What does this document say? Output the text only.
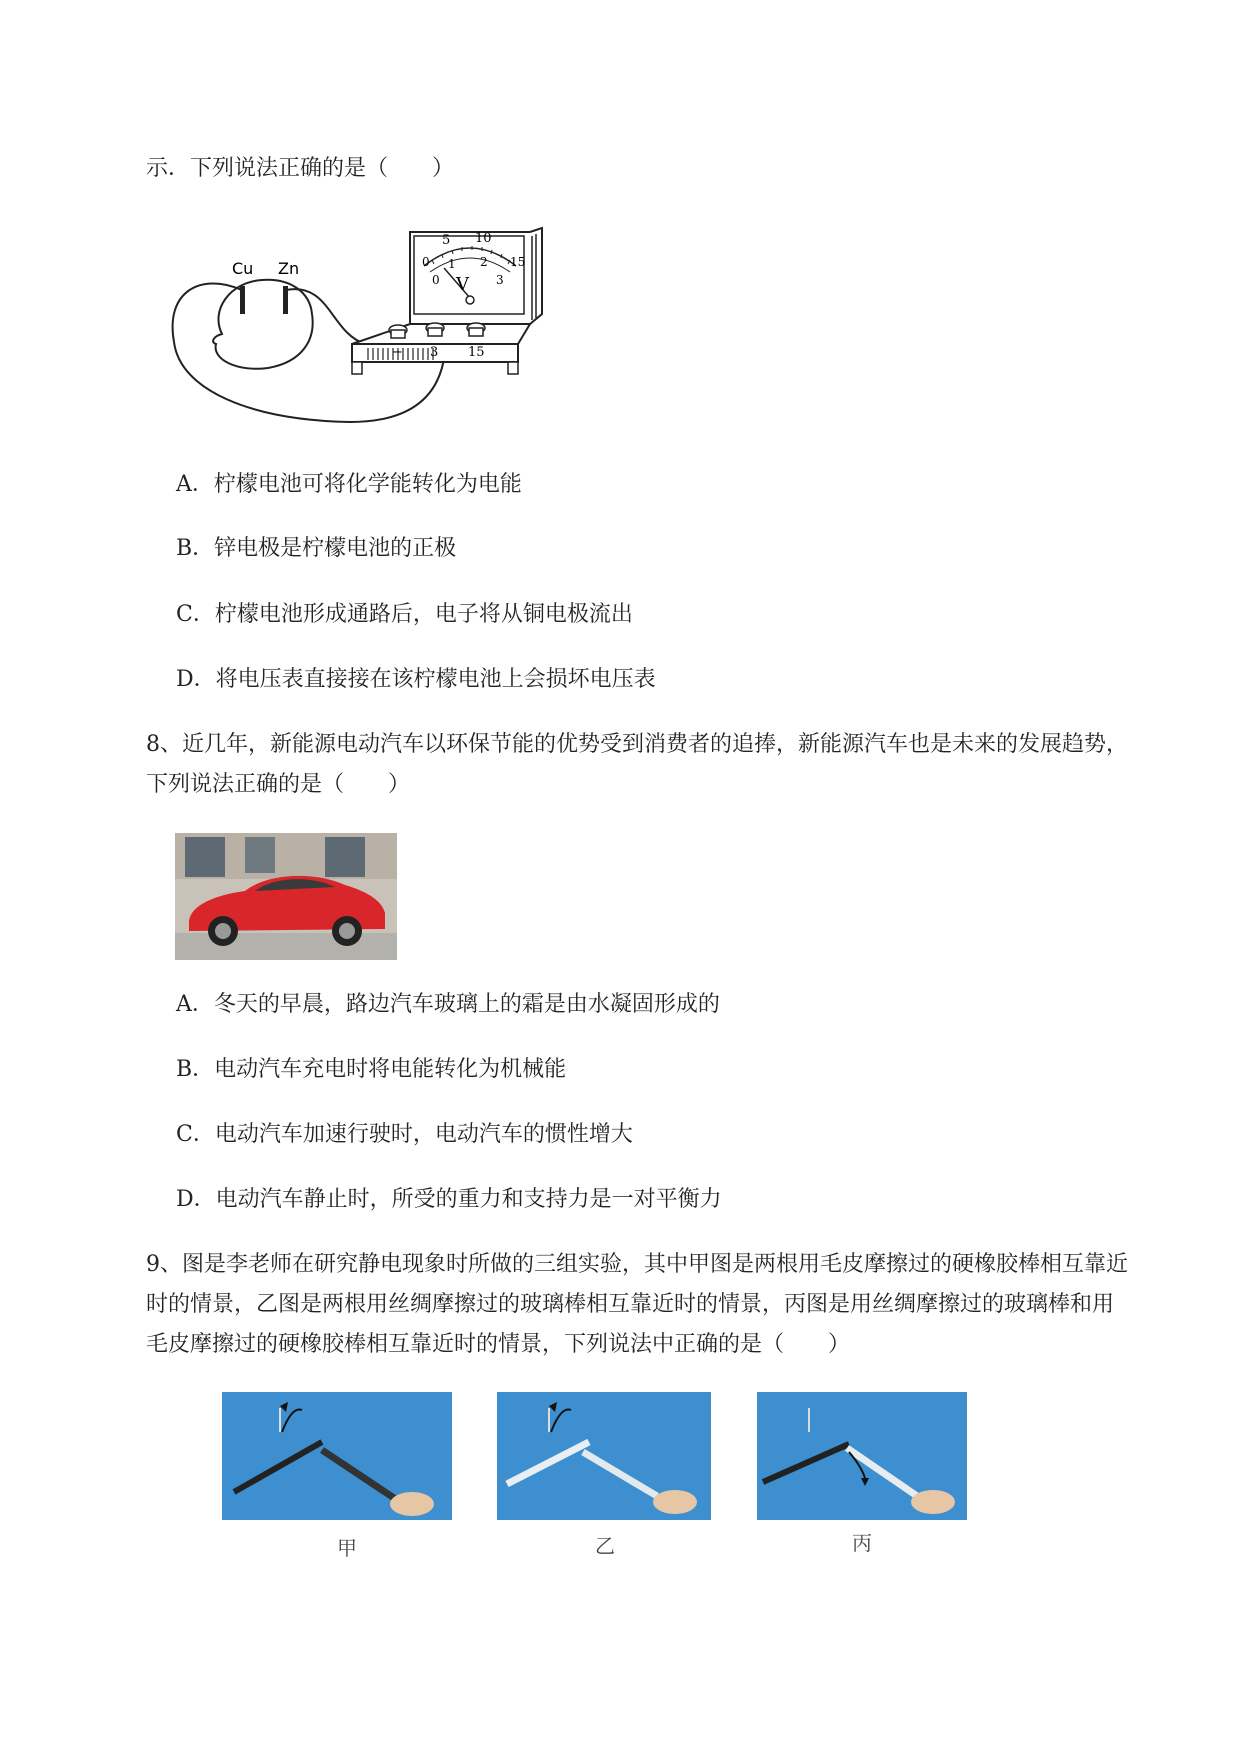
示．下列说法正确的是（　　）
Cu Zn
5 10
0	15
0
1 2
3
V
− 3 15
A．柠檬电池可将化学能转化为电能
B．锌电极是柠檬电池的正极
C．柠檬电池形成通路后，电子将从铜电极流出
D．将电压表直接接在该柠檬电池上会损坏电压表
8、近几年，新能源电动汽车以环保节能的优势受到消费者的追捧，新能源汽车也是未来的发展趋势，
下列说法正确的是（　　）
A．冬天的早晨，路边汽车玻璃上的霜是由水凝固形成的
B．电动汽车充电时将电能转化为机械能
C．电动汽车加速行驶时，电动汽车的惯性增大
D．电动汽车静止时，所受的重力和支持力是一对平衡力
9、图是李老师在研究静电现象时所做的三组实验，其中甲图是两根用毛皮摩擦过的硬橡胶棒相互靠近
时的情景，乙图是两根用丝绸摩擦过的玻璃棒相互靠近时的情景，丙图是用丝绸摩擦过的玻璃棒和用
毛皮摩擦过的硬橡胶棒相互靠近时的情景，下列说法中正确的是（　　）
甲	乙	丙
